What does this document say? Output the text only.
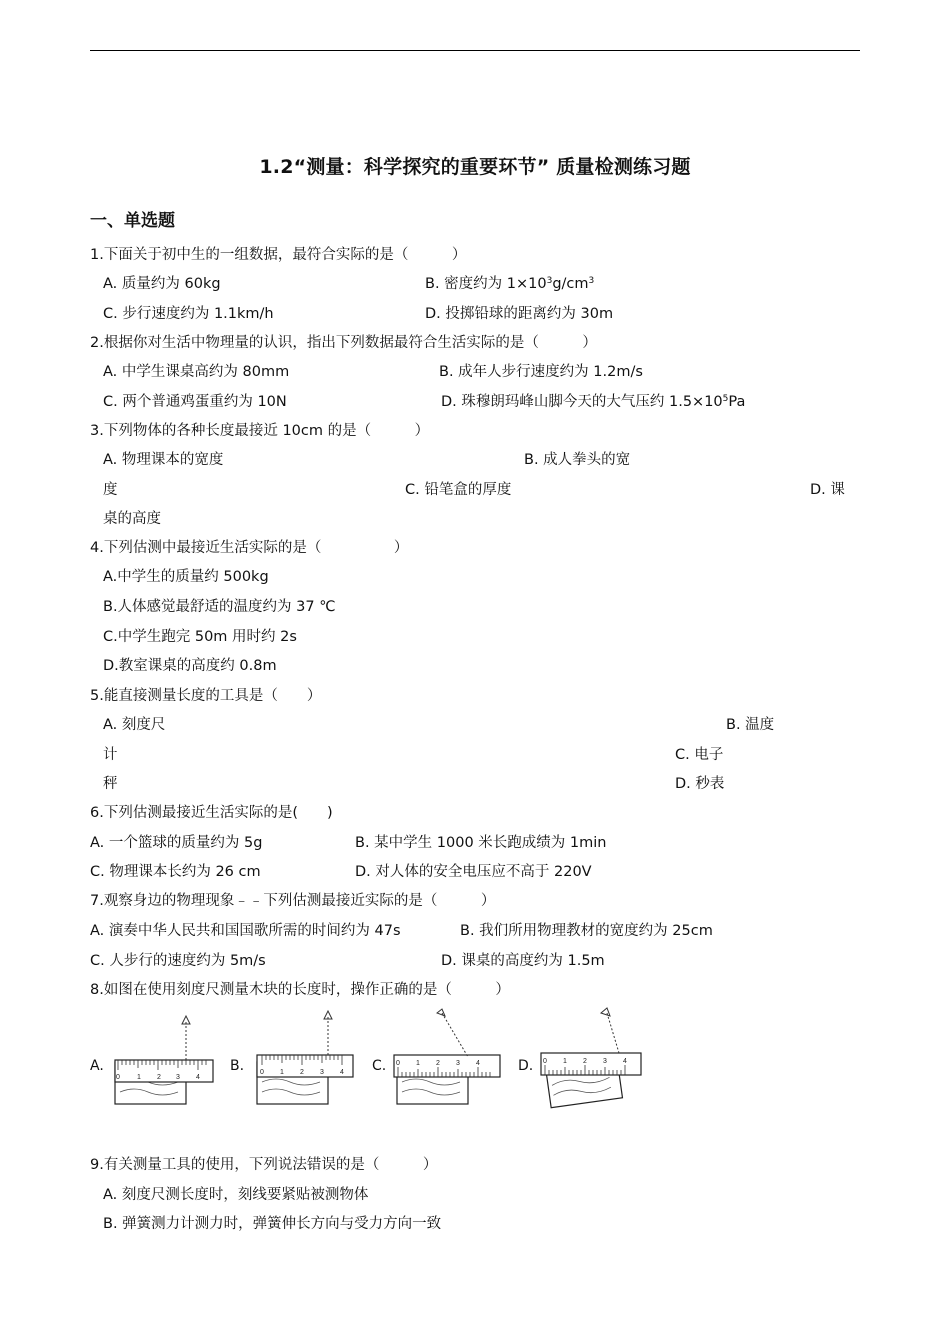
1.2“测量：科学探究的重要环节” 质量检测练习题
一、单选题
1.下面关于初中生的一组数据，最符合实际的是（　　　）
A. 质量约为 60kg	B. 密度约为 $1\times 10^3g/cm^3$
C. 步行速度约为 1.1km/h	D. 投掷铅球的距离约为 30m
2.根据你对生活中物理量的认识，指出下列数据最符合生活实际的是（　　　）
A. 中学生课桌高约为 80mm	B. 成年人步行速度约为 1.2m/s
C. 两个普通鸡蛋重约为 10N	D. 珠穆朗玛峰山脚今天的大气压约 $1.5\times 10^5Pa$
3.下列物体的各种长度最接近 10cm 的是（　　　）
A. 物理课本的宽度	B. 成人拳头的宽
度	C. 铅笔盒的厚度	D. 课
桌的高度
4.下列估测中最接近生活实际的是（　　　　　）
A.中学生的质量约 500kg
B.人体感觉最舒适的温度约为 37 ℃
C.中学生跑完 50m 用时约 2s
D.教室课桌的高度约 0.8m
5.能直接测量长度的工具是（　　）
A. 刻度尺	B. 温度
计	C. 电子
秤	D. 秒表
6.下列估测最接近生活实际的是(　　)
A. 一个篮球的质量约为 5g	B. 某中学生 1000 米长跑成绩为 1min
C. 物理课本长约为 26 cm	D. 对人体的安全电压应不高于 220V
7.观察身边的物理现象﹣﹣下列估测最接近实际的是（　　　）
A. 演奏中华人民共和国国歌所需的时间约为 47s	B. 我们所用物理教材的宽度约为 25cm
C. 人步行的速度约为 5m/s	D. 课桌的高度约为 1.5m
8.如图在使用刻度尺测量木块的长度时，操作正确的是（　　　）
A.	B.	C.	D.
0 1 2 3 4
0 1 2 3 4
0 1 2 3 4	0 1 2 3 4
9.有关测量工具的使用，下列说法错误的是（　　　）
A. 刻度尺测长度时，刻线要紧贴被测物体
B. 弹簧测力计测力时，弹簧伸长方向与受力方向一致
